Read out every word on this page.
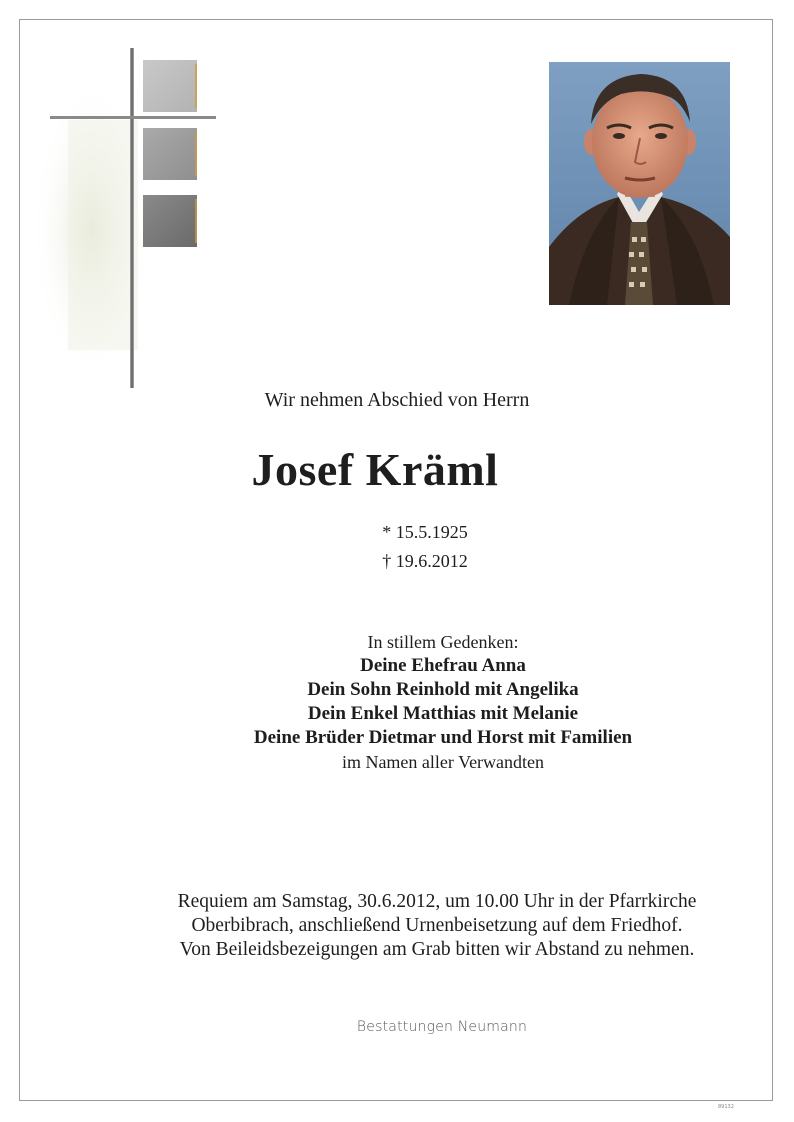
Wir nehmen Abschied von Herrn
Josef Kräml
* 15.5.1925
† 19.6.2012
In stillem Gedenken:
Deine Ehefrau Anna
Dein Sohn Reinhold mit Angelika
Dein Enkel Matthias mit Melanie
Deine Brüder Dietmar und Horst mit Familien
im Namen aller Verwandten
Requiem am Samstag, 30.6.2012, um 10.00 Uhr in der Pfarrkirche
Oberbibrach, anschließend Urnenbeisetzung auf dem Friedhof.
Von Beileidsbezeigungen am Grab bitten wir Abstand zu nehmen.
Bestattungen Neumann
89132
